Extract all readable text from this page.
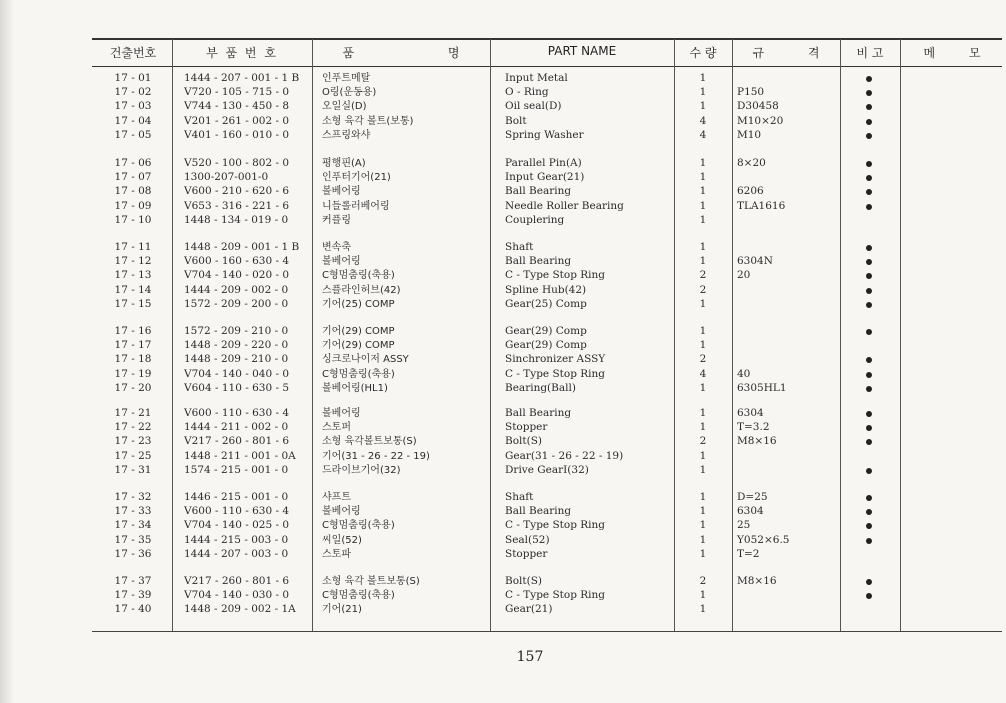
건출번호	부 품 번 호	품 명	PART NAME	수 량	규 격	비 고	메 모
17 - 01	1444 - 207 - 001 - 1 B	인푸트메탈	Input Metal	1
17 - 02	V720 - 105 - 715 - 0	O링(운동용)	O - Ring	1	P150
17 - 03	V744 - 130 - 450 - 8	오일실(D)	Oil seal(D)	1	D30458
17 - 04	V201 - 261 - 002 - 0	소형 육각 볼트(보통)	Bolt	4	M10×20
17 - 05	V401 - 160 - 010 - 0	스프링와샤	Spring Washer	4	M10
17 - 06	V520 - 100 - 802 - 0	평행핀(A)	Parallel Pin(A)	1	8×20
17 - 07	1300-207-001-0	인푸터기어(21)	Input Gear(21)	1
17 - 08	V600 - 210 - 620 - 6	볼베어링	Ball Bearing	1	6206
17 - 09	V653 - 316 - 221 - 6	니들롤러베어링	Needle Roller Bearing	1	TLA1616
17 - 10	1448 - 134 - 019 - 0	커플링	Couplering	1
17 - 11	1448 - 209 - 001 - 1 B	변속축	Shaft	1
17 - 12	V600 - 160 - 630 - 4	볼베어링	Ball Bearing	1	6304N
17 - 13	V704 - 140 - 020 - 0	C형멈춤링(축용)	C - Type Stop Ring	2	20
17 - 14	1444 - 209 - 002 - 0	스플라인허브(42)	Spline Hub(42)	2
17 - 15	1572 - 209 - 200 - 0	기어(25) COMP	Gear(25) Comp	1
17 - 16	1572 - 209 - 210 - 0	기어(29) COMP	Gear(29) Comp	1
17 - 17	1448 - 209 - 220 - 0	기어(29) COMP	Gear(29) Comp	1
17 - 18	1448 - 209 - 210 - 0	싱크로나이저 ASSY	Sinchronizer ASSY	2
17 - 19	V704 - 140 - 040 - 0	C형멈춤링(축용)	C - Type Stop Ring	4	40
17 - 20	V604 - 110 - 630 - 5	볼베어링(HL1)	Bearing(Ball)	1	6305HL1
17 - 21	V600 - 110 - 630 - 4	볼베어링	Ball Bearing	1	6304
17 - 22	1444 - 211 - 002 - 0	스토퍼	Stopper	1	T=3.2
17 - 23	V217 - 260 - 801 - 6	소형 육각볼트보통(S)	Bolt(S)	2	M8×16
17 - 25	1448 - 211 - 001 - 0A	기어(31 - 26 - 22 - 19)	Gear(31 - 26 - 22 - 19)	1
17 - 31	1574 - 215 - 001 - 0	드라이브기어(32)	Drive GearI(32)	1
17 - 32	1446 - 215 - 001 - 0	샤프트	Shaft	1	D=25
17 - 33	V600 - 110 - 630 - 4	볼베어링	Ball Bearing	1	6304
17 - 34	V704 - 140 - 025 - 0	C형멈춤링(축용)	C - Type Stop Ring	1	25
17 - 35	1444 - 215 - 003 - 0	씨일(52)	Seal(52)	1	Y052×6.5
17 - 36	1444 - 207 - 003 - 0	스토파	Stopper	1	T=2
17 - 37	V217 - 260 - 801 - 6	소형 육각 볼트보통(S)	Bolt(S)	2	M8×16
17 - 39	V704 - 140 - 030 - 0	C형멈춤링(축용)	C - Type Stop Ring	1
17 - 40	1448 - 209 - 002 - 1A	기어(21)	Gear(21)	1
157
